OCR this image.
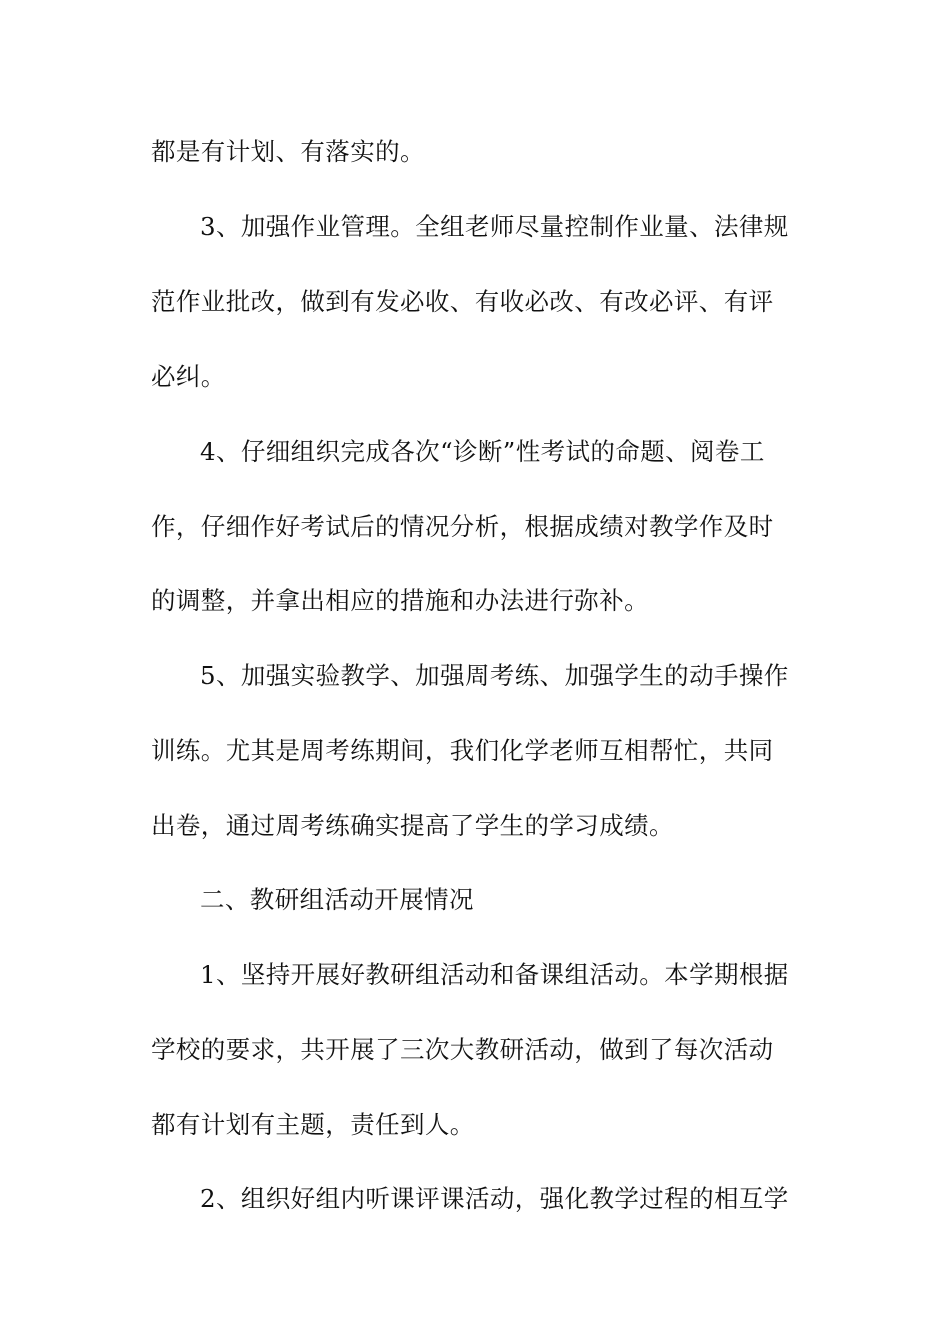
都是有计划、有落实的。
3、加强作业管理。全组老师尽量控制作业量、法律规
范作业批改，做到有发必收、有收必改、有改必评、有评
必纠。
4、仔细组织完成各次“诊断”性考试的命题、阅卷工
作，仔细作好考试后的情况分析，根据成绩对教学作及时
的调整，并拿出相应的措施和办法进行弥补。
5、加强实验教学、加强周考练、加强学生的动手操作
训练。尤其是周考练期间，我们化学老师互相帮忙，共同
出卷，通过周考练确实提高了学生的学习成绩。
二、教研组活动开展情况
1、坚持开展好教研组活动和备课组活动。本学期根据
学校的要求，共开展了三次大教研活动，做到了每次活动
都有计划有主题，责任到人。
2、组织好组内听课评课活动，强化教学过程的相互学
